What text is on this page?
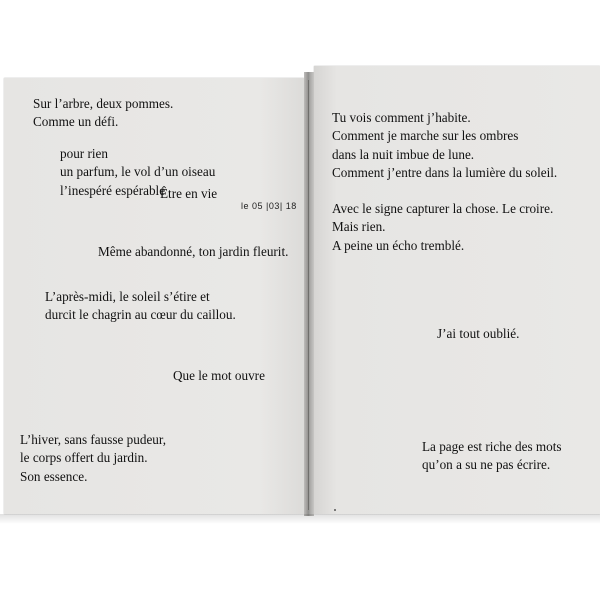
Sur l’arbre, deux pommes.
Comme un défi.

pour rien
un parfum, le vol d’un oiseau
l’inespéré espérable

Être en vie

le 05 |03| 18

Même abandonné, ton jardin fleurit.

L’après-midi, le soleil s’étire et
durcit le chagrin au cœur du caillou.

Que le mot ouvre

L’hiver, sans fausse pudeur,
le corps offert du jardin.
Son essence.

Tu vois comment j’habite.
Comment je marche sur les ombres
dans la nuit imbue de lune.
Comment j’entre dans la lumière du soleil.

Avec le signe capturer la chose. Le croire.
Mais rien.
A peine un écho tremblé.

J’ai tout oublié.

La page est riche des mots
qu’on a su ne pas écrire.
